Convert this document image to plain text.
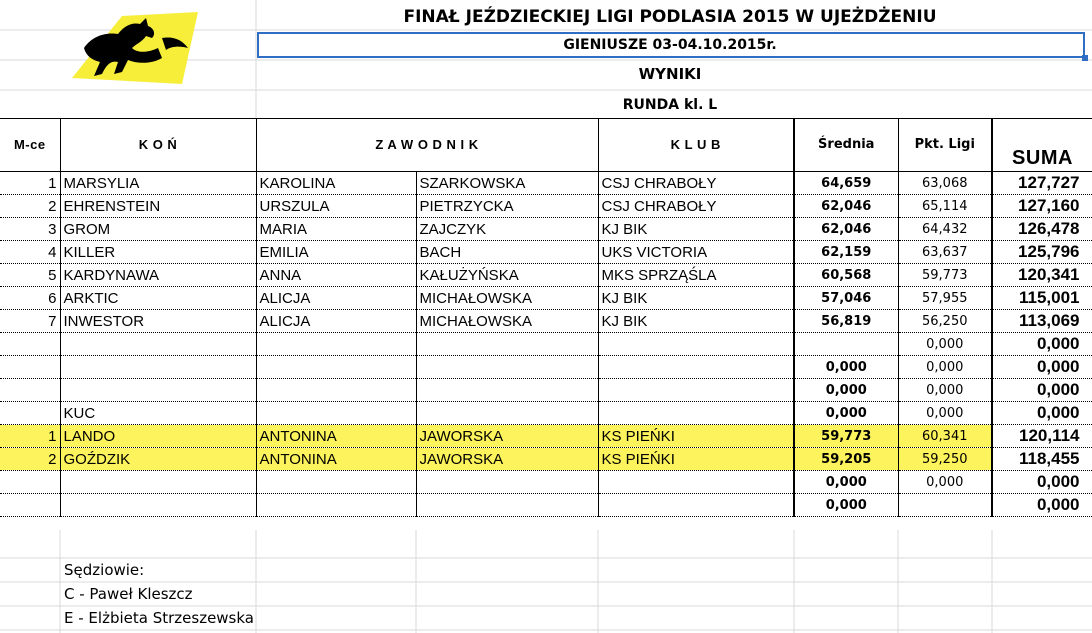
FINAŁ JEŹDZIECKIEJ LIGI PODLASIA 2015 W UJEŻDŻENIU
GIENIUSZE 03-04.10.2015r.
WYNIKI
RUNDA kl. L
M-ce	K O Ń	Z A W O D N I K		K L U B	Średnia	Pkt. Ligi	SUMA
1	MARSYLIA	KAROLINA	SZARKOWSKA	CSJ CHRABOŁY	64,659	63,068	127,727
2	EHRENSTEIN	URSZULA	PIETRZYCKA	CSJ CHRABOŁY	62,046	65,114	127,160
3	GROM	MARIA	ZAJCZYK	KJ BIK	62,046	64,432	126,478
4	KILLER	EMILIA	BACH	UKS VICTORIA	62,159	63,637	125,796
5	KARDYNAWA	ANNA	KAŁUŻYŃSKA	MKS SPRZĄŚLA	60,568	59,773	120,341
6	ARKTIC	ALICJA	MICHAŁOWSKA	KJ BIK	57,046	57,955	115,001
7	INWESTOR	ALICJA	MICHAŁOWSKA	KJ BIK	56,819	56,250	113,069
						0,000	0,000
					0,000	0,000	0,000
					0,000	0,000	0,000
	KUC				0,000	0,000	0,000
1	LANDO	ANTONINA	JAWORSKA	KS PIEŃKI	59,773	60,341	120,114
2	GOŹDZIK	ANTONINA	JAWORSKA	KS PIEŃKI	59,205	59,250	118,455
					0,000	0,000	0,000
					0,000		0,000
Sędziowie:
C - Paweł Kleszcz
E - Elżbieta Strzeszewska
